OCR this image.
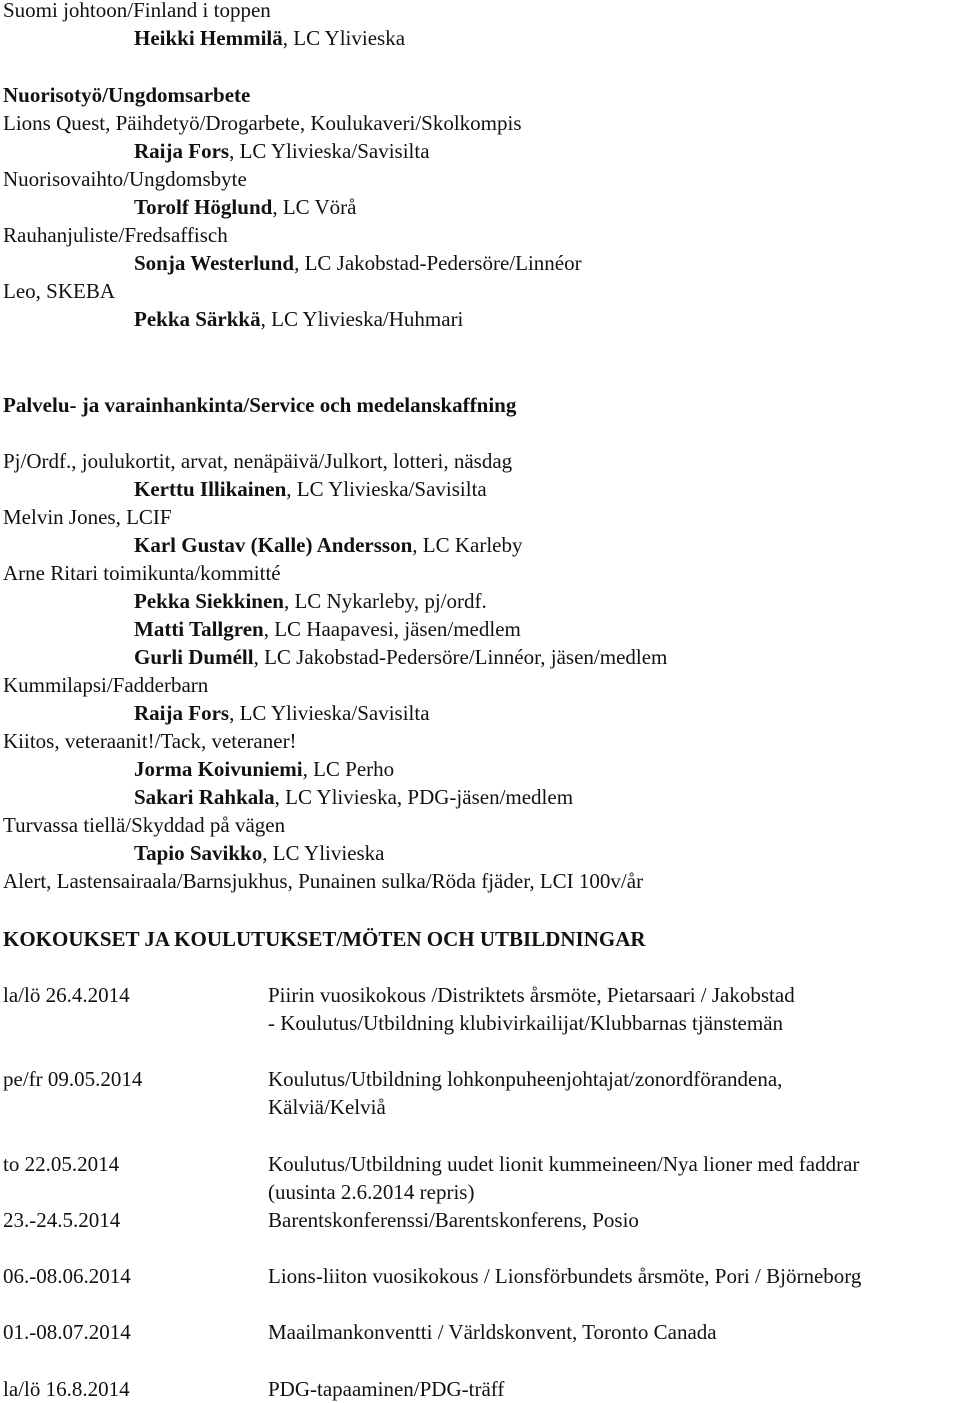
Suomi johtoon/Finland i toppen
Heikki Hemmilä, LC Ylivieska
Nuorisotyö/Ungdomsarbete
Lions Quest, Päihdetyö/Drogarbete, Koulukaveri/Skolkompis
Raija Fors, LC Ylivieska/Savisilta
Nuorisovaihto/Ungdomsbyte
Torolf Höglund, LC Vörå
Rauhanjuliste/Fredsaffisch
Sonja Westerlund, LC Jakobstad-Pedersöre/Linnéor
Leo, SKEBA
Pekka Särkkä, LC Ylivieska/Huhmari
Palvelu- ja varainhankinta/Service och medelanskaffning
Pj/Ordf., joulukortit, arvat, nenäpäivä/Julkort, lotteri, näsdag
Kerttu Illikainen, LC Ylivieska/Savisilta
Melvin Jones, LCIF
Karl Gustav (Kalle) Andersson, LC Karleby
Arne Ritari toimikunta/kommitté
Pekka Siekkinen, LC Nykarleby, pj/ordf.
Matti Tallgren, LC Haapavesi, jäsen/medlem
Gurli Duméll, LC Jakobstad-Pedersöre/Linnéor, jäsen/medlem
Kummilapsi/Fadderbarn
Raija Fors, LC Ylivieska/Savisilta
Kiitos, veteraanit!/Tack, veteraner!
Jorma Koivuniemi, LC Perho
Sakari Rahkala, LC Ylivieska, PDG-jäsen/medlem
Turvassa tiellä/Skyddad på vägen
Tapio Savikko, LC Ylivieska
Alert, Lastensairaala/Barnsjukhus, Punainen sulka/Röda fjäder, LCI 100v/år
KOKOUKSET JA KOULUTUKSET/MÖTEN OCH UTBILDNINGAR
la/lö 26.4.2014	Piirin vuosikokous /Distriktets årsmöte, Pietarsaari / Jakobstad
- Koulutus/Utbildning klubivirkailijat/Klubbarnas tjänstemän
pe/fr 09.05.2014	Koulutus/Utbildning lohkonpuheenjohtajat/zonordförandena,
Kälviä/Kelviå
to 22.05.2014	Koulutus/Utbildning uudet lionit kummeineen/Nya lioner med faddrar
(uusinta 2.6.2014 repris)
23.-24.5.2014	Barentskonferenssi/Barentskonferens, Posio
06.-08.06.2014	Lions-liiton vuosikokous / Lionsförbundets årsmöte, Pori / Björneborg
01.-08.07.2014	Maailmankonventti / Världskonvent, Toronto Canada
la/lö 16.8.2014	PDG-tapaaminen/PDG-träff
